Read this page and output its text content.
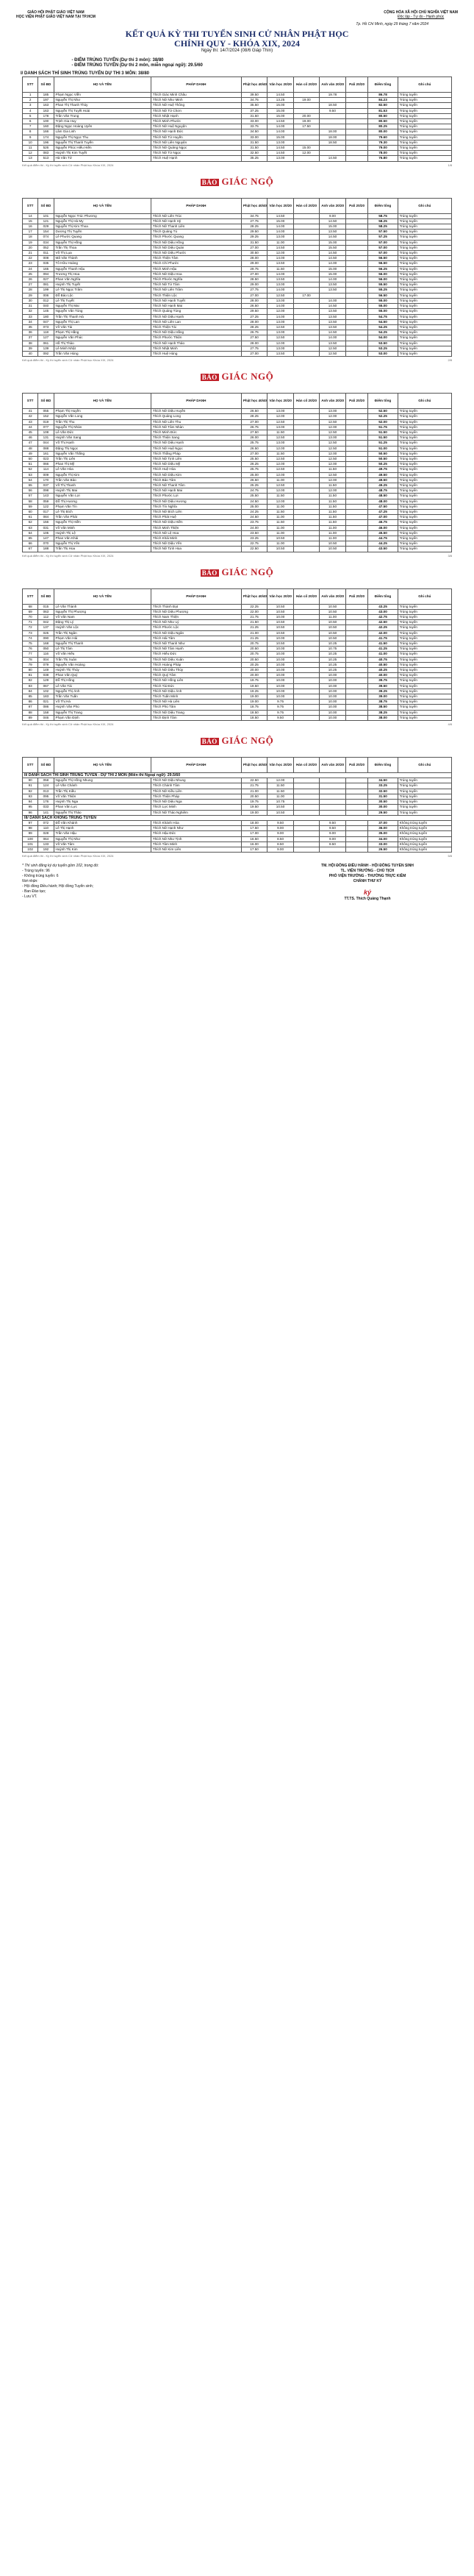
GIÁO HỘI PHẬT GIÁO VIỆT NAM
HỌC VIỆN PHẬT GIÁO VIỆT NAM TẠI TP.HCM
CỘNG HÒA XÃ HỘI CHỦ NGHĨA VIỆT NAM
Độc lập - Tự do - Hạnh phúc
Tp. Hồ Chí Minh, ngày 29 tháng 7 năm 2024
KẾT QUẢ KỲ THI TUYỂN SINH CỬ NHÂN PHẬT HỌC
CHÍNH QUY - KHÓA XIX, 2024
Ngày thi: 14/7/2024 (08/6 Giáp Thìn)
- ĐIỂM TRÚNG TUYỂN (Dự thi 3 môn): 38/80
- ĐIỂM TRÚNG TUYỂN (Dự thi 2 môn, miễn ngoại ngữ): 29.5/60
I/ DANH SÁCH THÍ SINH TRÚNG TUYỂN DỰ THI 3 MÔN: 38/80
STT	Số BD	HỌ VÀ TÊN	PHÁP DANH	Phật học 40/40	Văn học 20/20	Hán cổ 20/20	Anh văn 20/20	Pali 20/20	Điểm tổng	Ghi chú
1	185	Phạm Ngọc Viễn	Thích Giác Minh Châu	39.50	14.50		19.78		86.78	Trúng tuyển
2	197	Nguyễn Thị Như	Thích Nữ Như Minh	34.75	13.25	19.00			84.23	Trúng tuyển
3	163	Phan Thị Thanh Thủy	Thích Nữ Huệ Thông	35.50	15.00		18.50		82.50	Trúng tuyển
4	163	Nguyễn Thị Tuyết Hoài	Thích Nữ Từ Chơn	37.25	15.00		9.50		81.53	Trúng tuyển
5	178	Trần Văn Trung	Thích Nhật Hạnh	31.50	15.00	20.00			80.50	Trúng tuyển
6	100	Trịnh Gia Huy	Thích Minh Phước	33.00	14.50	19.00			80.50	Trúng tuyển
7	160	Đặng Ngọc Hoàng Uyên	Thích Nữ Huệ Nguyện	33.75	14.00	17.50			80.25	Trúng tuyển
8	166	Lâm Gia Linh	Thích Nữ Hạnh Đức	34.50	14.00		18.00		80.00	Trúng tuyển
9	174	Nguyễn Thị Ngọc Thu	Thích Nữ Từ Huyền	33.00	15.00		18.00		79.60	Trúng tuyển
10	196	Nguyễn Thị Thanh Tuyền	Thích Nữ Liên Nguyện	31.50	13.00		18.50		79.30	Trúng tuyển
11	526	Nguyễn Phúc Hiếu Hiền	Thích Nữ Quảng Ngọc	31.50	14.50	15.00			79.00	Trúng tuyển
12	083	Huỳnh Thị Kim Tuyết	Thích Nữ Từ Ngọc	32.50	14.50	12.00			78.00	Trúng tuyển
13	513	Hà Văn Tứ	Thích Huệ Hạnh	35.25	13.00		14.50		76.80	Trúng tuyển
Kết quả điểm thi - Kỳ thi tuyển sinh Cử nhân Phật học Khóa XIX, 2024	1/8
BÁO GIÁC NGỘ
STT	Số BD	HỌ VÀ TÊN	PHÁP DANH	Phật học 40/40	Văn học 20/20	Hán cổ 20/20	Anh văn 20/20	Pali 20/20	Điểm tổng	Ghi chú
14	101	Nguyễn Ngọc Trúc Phương	Thích Nữ Liên Trúc	34.75	14.50		9.00		58.75	Trúng tuyển
15	121	Nguyễn Thị Hà My	Thích Nữ Hạnh Hỷ	27.75	15.00		14.50		58.25	Trúng tuyển
16	029	Nguyễn Thị Kim Thoa	Thích Nữ Thanh Liên	28.25	14.00		15.00		58.25	Trúng tuyển
17	154	Dương Thị Tuyền	Thích Quảng Tú	29.50	14.00		13.50		57.50	Trúng tuyển
18	074	Lê Phước Quang	Thích Phước Quang	29.25	13.00		14.50		57.25	Trúng tuyển
19	034	Nguyễn Thị Hồng	Thích Nữ Diệu Hồng	31.50	11.00		15.00		57.00	Trúng tuyển
20	052	Trần Thị Thoa	Thích Nữ Diệu Quán	27.00	14.50		15.50		57.00	Trúng tuyển
21	011	Võ Thị Lụa	Thích Nữ Diệu Phước	30.50	12.00		14.50		57.00	Trúng tuyển
22	008	Mã Văn Thành	Thích Thiện Tâm	28.00	14.00		14.50		56.50	Trúng tuyển
23	035	Tô Hữu Hoàng	Thích Chí Phước	29.00	13.50		14.00		56.50	Trúng tuyển
24	165	Nguyễn Thanh Hậu	Thích Minh Hậu	29.75	11.50		15.00		56.25	Trúng tuyển
25	094	Trương Thị Hoa	Thích Nữ Diệu Hoa	27.00	14.00		15.00		56.00	Trúng tuyển
26	027	Phan Văn Nghĩa	Thích Phước Nghĩa	28.50	13.50		14.00		56.00	Trúng tuyển
27	081	Huỳnh Thị Tuyết	Thích Nữ Từ Tâm	29.00	13.00		13.50		55.50	Trúng tuyển
28	199	Lê Thị Ngọc Trâm	Thích Nữ Liên Trâm	27.75	14.00		13.50		55.25	Trúng tuyển
29	006	Đỗ Bảo Lộc	Thích Thiện Lộc	27.00	12.50	17.00			56.50	Trúng tuyển
30	012	Lê Thị Tuyết	Thích Nữ Hạnh Tuyết	28.00	13.00		14.00		55.00	Trúng tuyển
31	040	Nguyễn Thị Mai	Thích Nữ Hạnh Mai	26.50	14.00		14.50		55.00	Trúng tuyển
32	145	Nguyễn Văn Tùng	Thích Quảng Tùng	29.50	12.00		13.50		55.00	Trúng tuyển
33	180	Trần Thị Thanh Hà	Thích Nữ Diệu Hạnh	27.25	14.00		13.50		54.75	Trúng tuyển
34	047	Nguyễn Thị Lan	Thích Nữ Liên Lan	28.00	13.00		13.50		54.50	Trúng tuyển
35	073	Võ Văn Tài	Thích Thiện Tài	28.25	12.50		13.50		54.25	Trúng tuyển
36	118	Phạm Thị Hằng	Thích Nữ Diệu Hằng	26.75	13.00		14.50		54.25	Trúng tuyển
37	127	Nguyễn Văn Phúc	Thích Phước Thiện	27.50	12.50		14.00		54.00	Trúng tuyển
38	061	Hồ Thị Thảo	Thích Nữ Hạnh Thảo	28.00	12.00		13.50		53.50	Trúng tuyển
39	139	Lê Minh Nhật	Thích Nhật Minh	27.75	13.00		12.50		53.25	Trúng tuyển
40	092	Trần Văn Hùng	Thích Huệ Hùng	27.00	13.50		12.50		53.00	Trúng tuyển
Kết quả điểm thi - Kỳ thi tuyển sinh Cử nhân Phật học Khóa XIX, 2024	2/8
BÁO GIÁC NGỘ
STT	Số BD	HỌ VÀ TÊN	PHÁP DANH	Phật học 40/40	Văn học 20/20	Hán cổ 20/20	Anh văn 20/20	Pali 20/20	Điểm tổng	Ghi chú
41	055	Phạm Thị Huyền	Thích Nữ Diệu Huyền	26.50	13.00		13.00		52.50	Trúng tuyển
42	152	Nguyễn Văn Long	Thích Quảng Long	28.25	12.00		12.00		52.25	Trúng tuyển
43	019	Trần Thị Thu	Thích Nữ Liên Thu	27.00	12.50		12.50		52.00	Trúng tuyển
44	077	Nguyễn Thị Nhàn	Thích Nữ Tâm Nhàn	26.75	13.00		12.00		51.75	Trúng tuyển
45	108	Lê Văn Đức	Thích Minh Đức	27.50	11.50		12.50		51.50	Trúng tuyển
46	131	Huỳnh Văn Sang	Thích Thiện Sang	26.00	12.50		13.00		51.50	Trúng tuyển
47	044	Võ Thị Hạnh	Thích Nữ Diệu Hạnh	25.75	13.00		12.50		51.25	Trúng tuyển
48	088	Đặng Thị Ngọc	Thích Nữ Huệ Ngọc	26.50	12.00		12.50		51.00	Trúng tuyển
49	161	Nguyễn Văn Thắng	Thích Thắng Pháp	27.00	11.50		12.00		50.50	Trúng tuyển
50	023	Trần Thị Liên	Thích Nữ Tịnh Liên	25.50	12.50		12.50		50.50	Trúng tuyển
51	066	Phan Thị Mỹ	Thích Nữ Diệu Mỹ	26.25	12.00		12.00		50.25	Trúng tuyển
52	114	Lê Văn Hòa	Thích Huệ Hòa	25.75	12.50		11.50		49.75	Trúng tuyển
53	009	Nguyễn Thị Kim	Thích Nữ Diệu Kim	25.00	12.00		12.50		49.50	Trúng tuyển
54	170	Trần Văn Bảo	Thích Bảo Tâm	26.50	11.00		12.00		49.50	Trúng tuyển
55	037	Võ Thị Thanh	Thích Nữ Thanh Tâm	25.25	12.50		11.50		49.25	Trúng tuyển
56	098	Huỳnh Thị Mai	Thích Nữ Hạnh Mai	24.75	12.00		12.00		48.75	Trúng tuyển
57	143	Nguyễn Văn Lợi	Thích Phước Lợi	25.50	11.50		11.50		48.50	Trúng tuyển
58	059	Đỗ Thị Hương	Thích Nữ Diệu Hương	24.50	12.00		11.50		48.00	Trúng tuyển
59	122	Phạm Văn Tín	Thích Tín Nghĩa	25.00	11.00		11.50		47.50	Trúng tuyển
60	017	Lê Thị Bích	Thích Nữ Bích Liên	24.25	11.50		11.50		47.25	Trúng tuyển
61	084	Trần Văn Phát	Thích Phát Huệ	24.50	11.00		11.50		47.00	Trúng tuyển
62	156	Nguyễn Thị Hiền	Thích Nữ Diệu Hiền	23.75	11.50		11.50		46.75	Trúng tuyển
63	031	Võ Văn Minh	Thích Minh Thiện	24.00	11.00		11.00		46.00	Trúng tuyển
64	105	Huỳnh Thị Lệ	Thích Nữ Lệ Hoa	23.50	11.00		11.00		45.50	Trúng tuyển
65	147	Phan Văn Khải	Thích Khải Minh	23.25	10.50		11.00		44.75	Trúng tuyển
66	070	Nguyễn Thị Yến	Thích Nữ Diệu Yến	22.75	11.00		10.50		44.25	Trúng tuyển
67	188	Trần Thị Hoa	Thích Nữ Tịnh Hoa	22.50	10.50		10.50		43.50	Trúng tuyển
Kết quả điểm thi - Kỳ thi tuyển sinh Cử nhân Phật học Khóa XIX, 2024	3/8
BÁO GIÁC NGỘ
STT	Số BD	HỌ VÀ TÊN	PHÁP DANH	Phật học 40/40	Văn học 20/20	Hán cổ 20/20	Anh văn 20/20	Pali 20/20	Điểm tổng	Ghi chú
68	015	Lê Văn Thành	Thích Thành Đạt	22.25	10.50		10.50		43.25	Trúng tuyển
69	063	Nguyễn Thị Phượng	Thích Nữ Diệu Phượng	22.00	10.50		10.50		43.00	Trúng tuyển
70	112	Võ Văn Nam	Thích Nam Thiện	21.75	10.00		11.00		42.75	Trúng tuyển
71	042	Đặng Thị Lý	Thích Nữ Như Lý	21.50	10.50		10.50		42.50	Trúng tuyển
72	137	Huỳnh Văn Lộc	Thích Phước Lộc	21.25	10.50		10.50		42.25	Trúng tuyển
73	025	Trần Thị Ngân	Thích Nữ Diệu Ngân	21.00	10.50		10.50		42.00	Trúng tuyển
74	090	Phạm Văn Hải	Thích Hải Tâm	21.25	10.00		10.50		41.75	Trúng tuyển
75	168	Nguyễn Thị Thanh	Thích Nữ Thanh Như	20.75	10.50		10.25		41.50	Trúng tuyển
76	050	Lê Thị Tâm	Thích Nữ Tâm Hạnh	20.50	10.00		10.75		41.25	Trúng tuyển
77	116	Võ Văn Hiếu	Thích Hiếu Đức	20.75	10.00		10.25		41.00	Trúng tuyển
78	004	Trần Thị Xuân	Thích Nữ Diệu Xuân	20.50	10.00		10.25		40.75	Trúng tuyển
79	079	Nguyễn Văn Hoàng	Thích Hoàng Pháp	20.25	10.00		10.25		40.50	Trúng tuyển
80	149	Huỳnh Thị Thúy	Thích Nữ Diệu Thúy	20.00	10.00		10.25		40.25	Trúng tuyển
81	038	Phan Văn Quý	Thích Quý Tâm	20.00	10.00		10.00		40.00	Trúng tuyển
82	129	Đỗ Thị Hồng	Thích Nữ Hồng Liên	19.75	10.00		10.00		39.75	Trúng tuyển
83	067	Lê Văn Tài	Thích Tài Đức	19.50	10.00		10.00		39.50	Trúng tuyển
84	102	Nguyễn Thị Ánh	Thích Nữ Diệu Ánh	19.25	10.00		10.00		39.25	Trúng tuyển
85	183	Trần Văn Tuấn	Thích Tuấn Minh	19.00	10.00		10.00		39.00	Trúng tuyển
86	021	Võ Thị Hà	Thích Nữ Hà Liên	19.00	9.75		10.00		38.75	Trúng tuyển
87	086	Huỳnh Văn Phú	Thích Phú Tâm	18.75	9.75		10.00		38.50	Trúng tuyển
88	158	Nguyễn Thị Trang	Thích Nữ Diệu Trang	18.50	9.75		10.00		38.25	Trúng tuyển
89	046	Phạm Văn Định	Thích Định Tâm	18.50	9.50		10.00		38.00	Trúng tuyển
Kết quả điểm thi - Kỳ thi tuyển sinh Cử nhân Phật học Khóa XIX, 2024	4/8
BÁO GIÁC NGỘ
STT	Số BD	HỌ VÀ TÊN	PHÁP DANH	Phật học 40/40	Văn học 20/20	Hán cổ 20/20	Anh văn 20/20	Pali 20/20	Điểm tổng	Ghi chú
II/ DANH SÁCH THÍ SINH TRÚNG TUYỂN - DỰ THI 2 MÔN (Miễn thi Ngoại ngữ): 29.5/60										
90	058	Nguyễn Thị Hồng Nhung	Thích Nữ Diệu Nhung	22.50	12.00				34.50	Trúng tuyển
91	124	Lê Văn Chánh	Thích Chánh Tâm	21.75	11.50				33.25	Trúng tuyển
92	013	Trần Thị Kiều	Thích Nữ Kiều Liên	21.00	11.50				32.50	Trúng tuyển
93	095	Võ Văn Thiện	Thích Thiện Pháp	20.50	11.00				31.50	Trúng tuyển
94	176	Huỳnh Thị Nga	Thích Nữ Diệu Nga	19.75	10.75				30.50	Trúng tuyển
95	033	Phan Văn Lực	Thích Lực Minh	19.50	10.50				30.00	Trúng tuyển
96	141	Nguyễn Thị Thảo	Thích Nữ Thảo Nghiêm	19.00	10.50				29.50	Trúng tuyển
III/ DANH SÁCH KHÔNG TRÚNG TUYỂN										
97	072	Đỗ Văn Khánh	Thích Khánh Hòa	18.00	9.50		9.50		37.00	Không trúng tuyển
98	110	Lê Thị Hạnh	Thích Nữ Hạnh Như	17.50	9.00		9.50		36.00	Không trúng tuyển
99	028	Trần Văn Hậu	Thích Hậu Đức	17.00	9.00		9.00		35.00	Không trúng tuyển
100	064	Nguyễn Thị Như	Thích Nữ Như Tịnh	16.50	8.50		9.00		34.00	Không trúng tuyển
101	133	Võ Văn Tâm	Thích Tâm Minh	16.00	8.50		8.50		33.00	Không trúng tuyển
102	192	Huỳnh Thị Kim	Thích Nữ Kim Liên	17.50	9.00				26.50	Không trúng tuyển
Kết quả điểm thi - Kỳ thi tuyển sinh Cử nhân Phật học Khóa XIX, 2024	5/8
* Thí sinh đăng ký dự tuyển gồm 102, trong đó:
- Trúng tuyển: 96
- Không trúng tuyển: 6
Nơi nhận:
- Hội đồng Điều hành; Hội đồng Tuyển sinh;
- Ban Đào tạo;
- Lưu VT.
TM. HỘI ĐỒNG ĐIỀU HÀNH - HỘI ĐỒNG TUYỂN SINH
TL. VIỆN TRƯỞNG - CHỦ TỊCH
PHÓ VIỆN TRƯỞNG - THƯỜNG TRỰC KIÊM
CHÁNH THƯ KÝ
ký
TT.TS. Thích Quảng Thạnh
